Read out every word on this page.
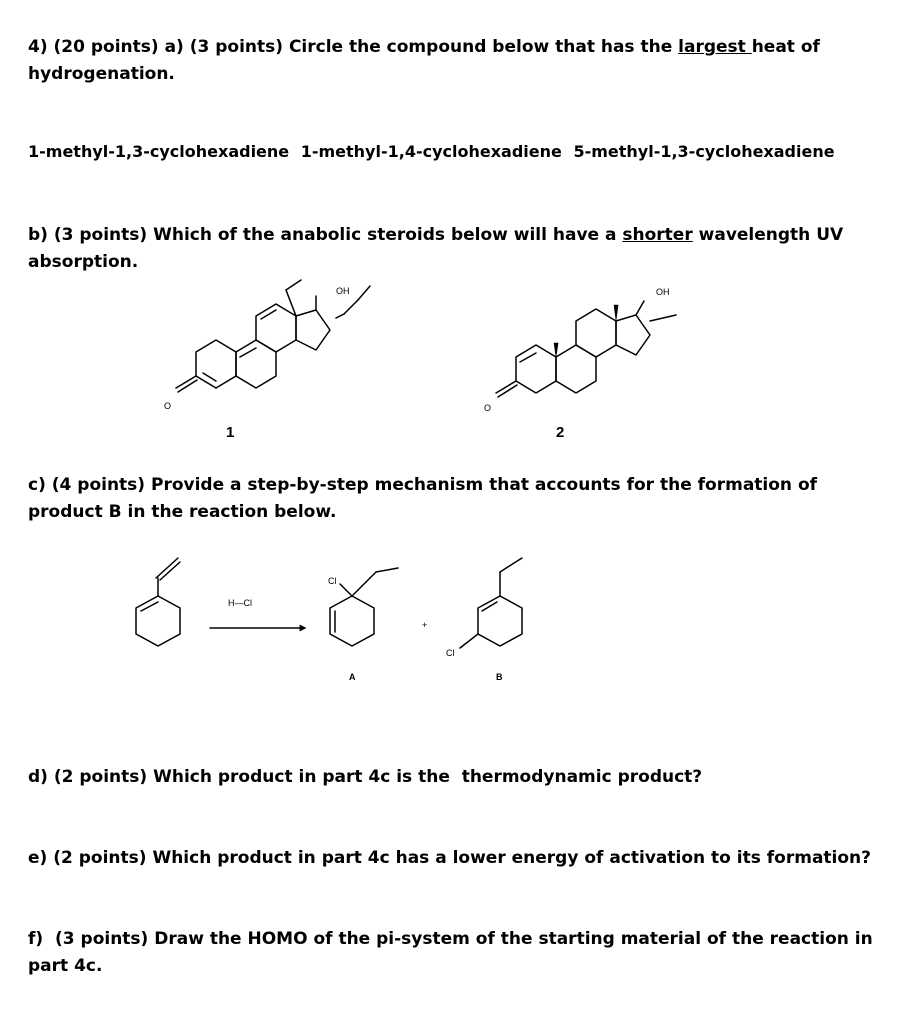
4) (20 points) a) (3 points) Circle the compound below that has the largest heat of hydrogenation.
1-methyl-1,3-cyclohexadiene 1-methyl-1,4-cyclohexadiene 5-methyl-1,3-cyclohexadiene
b) (3 points) Which of the anabolic steroids below will have a shorter wavelength UV absorption.
O
OH
1
O
OH
2
c) (4 points) Provide a step-by-step mechanism that accounts for the formation of product B in the reaction below.
H—Cl
Cl
A
+
Cl
B
d) (2 points) Which product in part 4c is the  thermodynamic product?
e) (2 points) Which product in part 4c has a lower energy of activation to its formation?
f)  (3 points) Draw the HOMO of the pi-system of the starting material of the reaction in part 4c.
